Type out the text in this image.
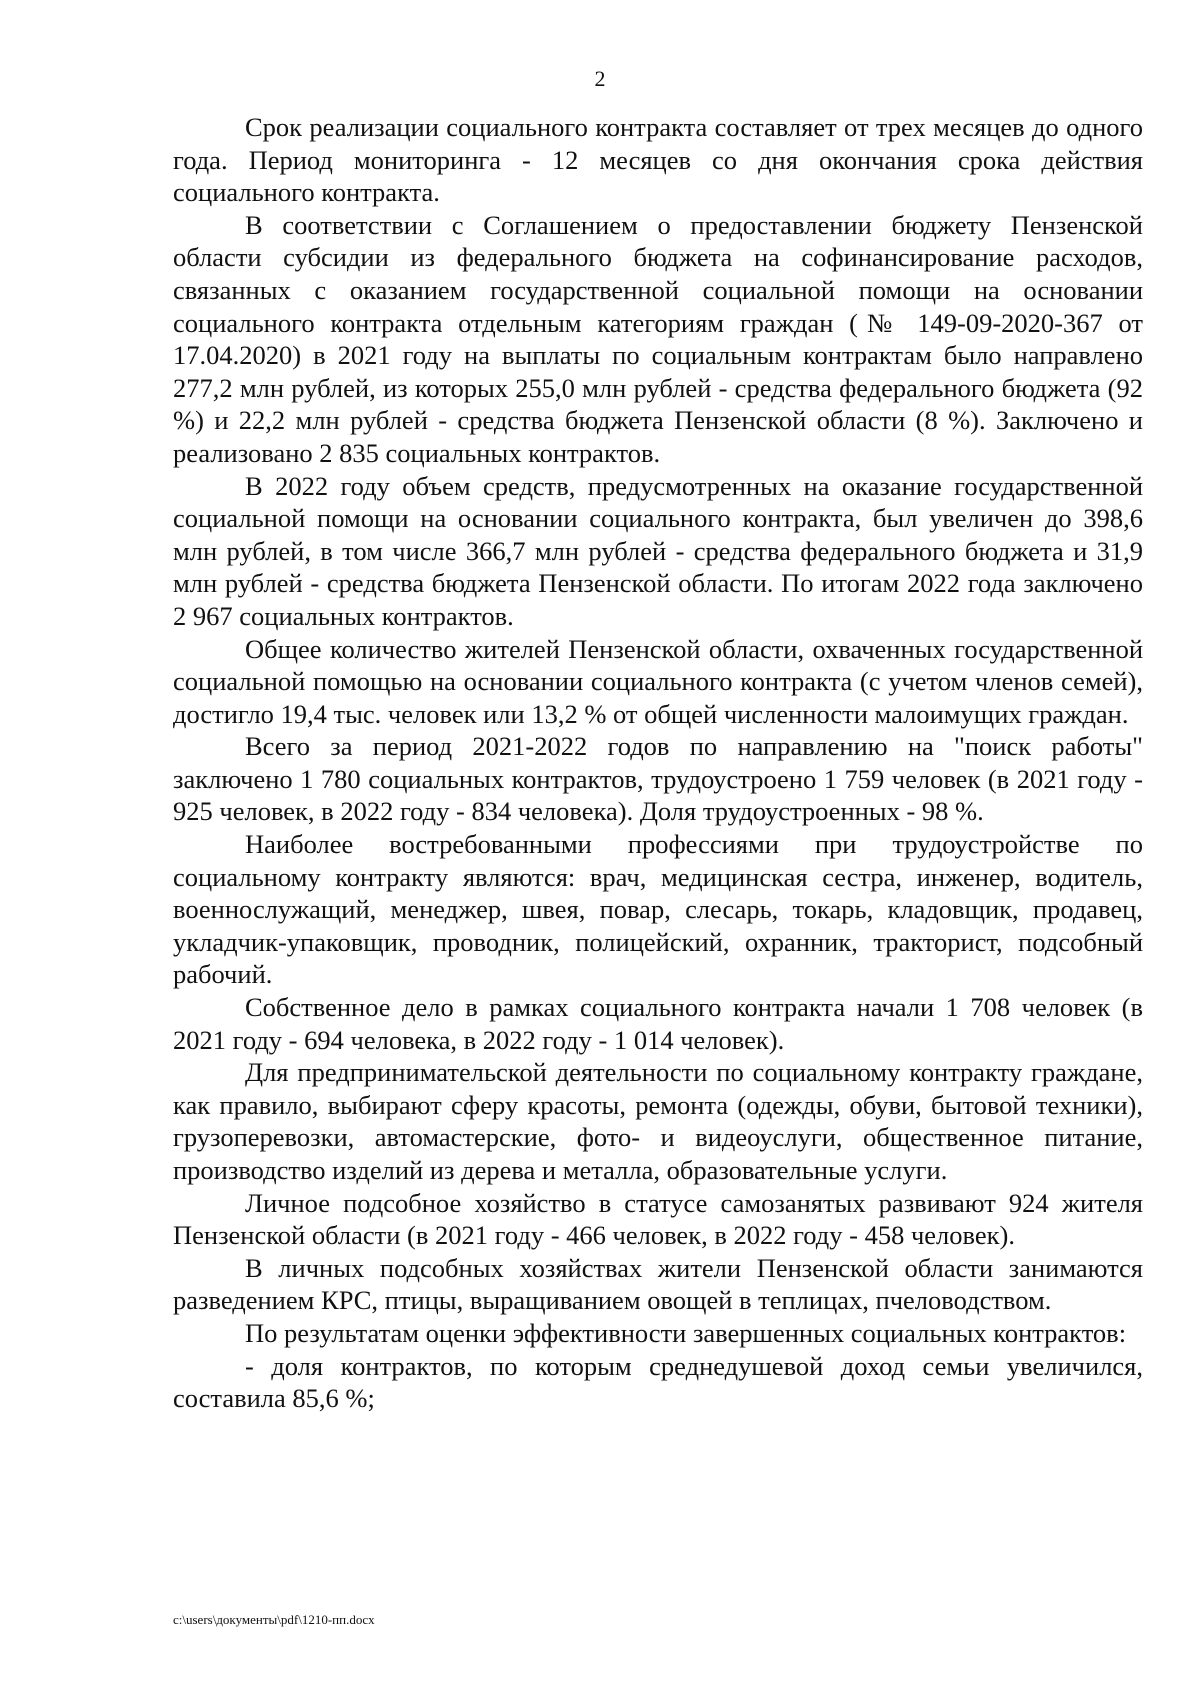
2

Срок реализации социального контракта составляет от трех месяцев до одного года. Период мониторинга - 12 месяцев со дня окончания срока действия социального контракта.

В соответствии с Соглашением о предоставлении бюджету Пензенской области субсидии из федерального бюджета на софинансирование расходов, связанных с оказанием государственной социальной помощи на основании социального контракта отдельным категориям граждан (№ 149-09-2020-367 от 17.04.2020) в 2021 году на выплаты по социальным контрактам было направлено 277,2 млн рублей, из которых 255,0 млн рублей - средства федерального бюджета (92 %) и 22,2 млн рублей - средства бюджета Пензенской области (8 %). Заключено и реализовано 2 835 социальных контрактов.

В 2022 году объем средств, предусмотренных на оказание государственной социальной помощи на основании социального контракта, был увеличен до 398,6 млн рублей, в том числе 366,7 млн рублей - средства федерального бюджета и 31,9 млн рублей - средства бюджета Пензенской области. По итогам 2022 года заключено 2 967 социальных контрактов.

Общее количество жителей Пензенской области, охваченных государственной социальной помощью на основании социального контракта (с учетом членов семей), достигло 19,4 тыс. человек или 13,2 % от общей численности малоимущих граждан.

Всего за период 2021-2022 годов по направлению на "поиск работы" заключено 1 780 социальных контрактов, трудоустроено 1 759 человек (в 2021 году - 925 человек, в 2022 году - 834 человека). Доля трудоустроенных - 98 %.

Наиболее востребованными профессиями при трудоустройстве по социальному контракту являются: врач, медицинская сестра, инженер, водитель, военнослужащий, менеджер, швея, повар, слесарь, токарь, кладовщик, продавец, укладчик-упаковщик, проводник, полицейский, охранник, тракторист, подсобный рабочий.

Собственное дело в рамках социального контракта начали 1 708 человек (в 2021 году - 694 человека, в 2022 году - 1 014 человек).

Для предпринимательской деятельности по социальному контракту граждане, как правило, выбирают сферу красоты, ремонта (одежды, обуви, бытовой техники), грузоперевозки, автомастерские, фото- и видеоуслуги, общественное питание, производство изделий из дерева и металла, образовательные услуги.

Личное подсобное хозяйство в статусе самозанятых развивают 924 жителя Пензенской области (в 2021 году - 466 человек, в 2022 году - 458 человек).

В личных подсобных хозяйствах жители Пензенской области занимаются разведением КРС, птицы, выращиванием овощей в теплицах, пчеловодством.

По результатам оценки эффективности завершенных социальных контрактов:

- доля контрактов, по которым среднедушевой доход семьи увеличился, составила 85,6 %;

c:\users\документы\pdf\1210-пп.docx
